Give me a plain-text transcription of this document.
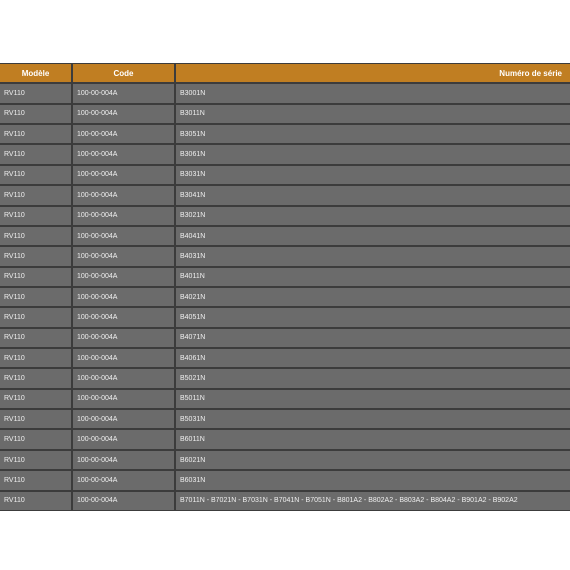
Modèle	Code	Numéro de série
RV110	100-00-004A	B3001N
RV110	100-00-004A	B3011N
RV110	100-00-004A	B3051N
RV110	100-00-004A	B3061N
RV110	100-00-004A	B3031N
RV110	100-00-004A	B3041N
RV110	100-00-004A	B3021N
RV110	100-00-004A	B4041N
RV110	100-00-004A	B4031N
RV110	100-00-004A	B4011N
RV110	100-00-004A	B4021N
RV110	100-00-004A	B4051N
RV110	100-00-004A	B4071N
RV110	100-00-004A	B4061N
RV110	100-00-004A	B5021N
RV110	100-00-004A	B5011N
RV110	100-00-004A	B5031N
RV110	100-00-004A	B6011N
RV110	100-00-004A	B6021N
RV110	100-00-004A	B6031N
RV110	100-00-004A	B7011N - B7021N - B7031N - B7041N - B7051N - B801A2 - B802A2 - B803A2 - B804A2 - B901A2 - B902A2
